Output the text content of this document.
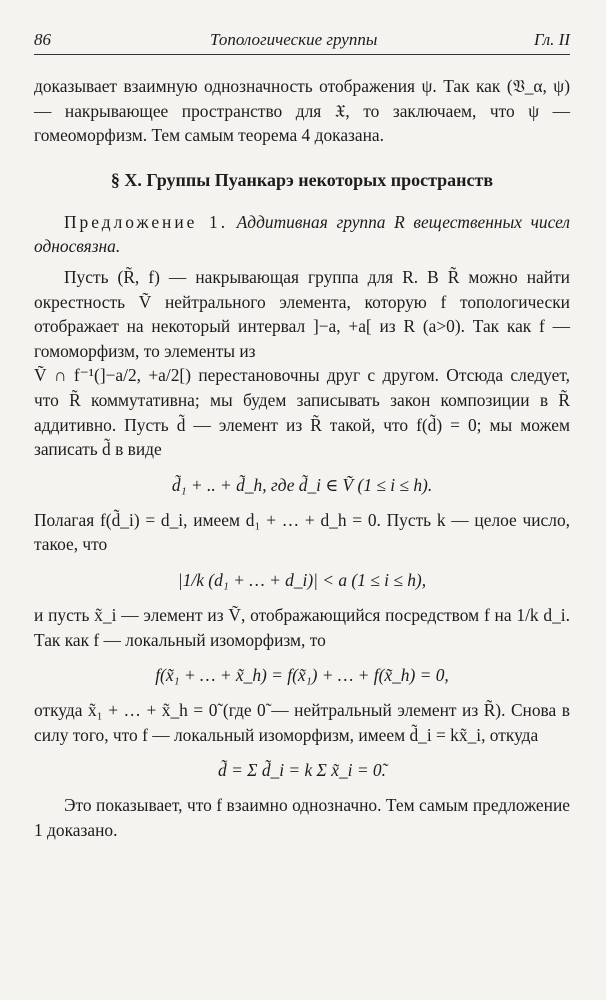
86	Топологические группы	Гл. II

доказывает взаимную однозначность отображения ψ. Так как (𝔙_α, ψ) — накрывающее пространство для 𝔛, то заключаем, что ψ — гомеоморфизм. Тем самым теорема 4 доказана.

§ X. Группы Пуанкарэ некоторых пространств

Предложение 1. Аддитивная группа R вещественных чисел односвязна.

Пусть (R̃, f) — накрывающая группа для R. В R̃ можно найти окрестность Ṽ нейтрального элемента, которую f топологически отображает на некоторый интервал ]−a, +a[ из R (a>0). Так как f — гомоморфизм, то элементы из

Ṽ ∩ f⁻¹(]−a/2, +a/2[) перестановочны друг с другом. Отсюда следует, что R̃ коммутативна; мы будем записывать закон композиции в R̃ аддитивно. Пусть d̃ — элемент из R̃ такой, что f(d̃) = 0; мы можем записать d̃ в виде

d̃₁ + .. + d̃_h, где d̃_i ∈ Ṽ (1 ≤ i ≤ h).

Полагая f(d̃_i) = d_i, имеем d₁ + … + d_h = 0. Пусть k — целое число, такое, что

|1/k (d₁ + … + d_i)| < a (1 ≤ i ≤ h),

и пусть x̃_i — элемент из Ṽ, отображающийся посредством f на 1/k d_i. Так как f — локальный изоморфизм, то

f(x̃₁ + … + x̃_h) = f(x̃₁) + … + f(x̃_h) = 0,

откуда x̃₁ + … + x̃_h = 0̃ (где 0̃ — нейтральный элемент из R̃). Снова в силу того, что f — локальный изоморфизм, имеем d̃_i = kx̃_i, откуда

d̃ = Σ d̃_i = k Σ x̃_i = 0̃.

Это показывает, что f взаимно однозначно. Тем самым предложение 1 доказано.
